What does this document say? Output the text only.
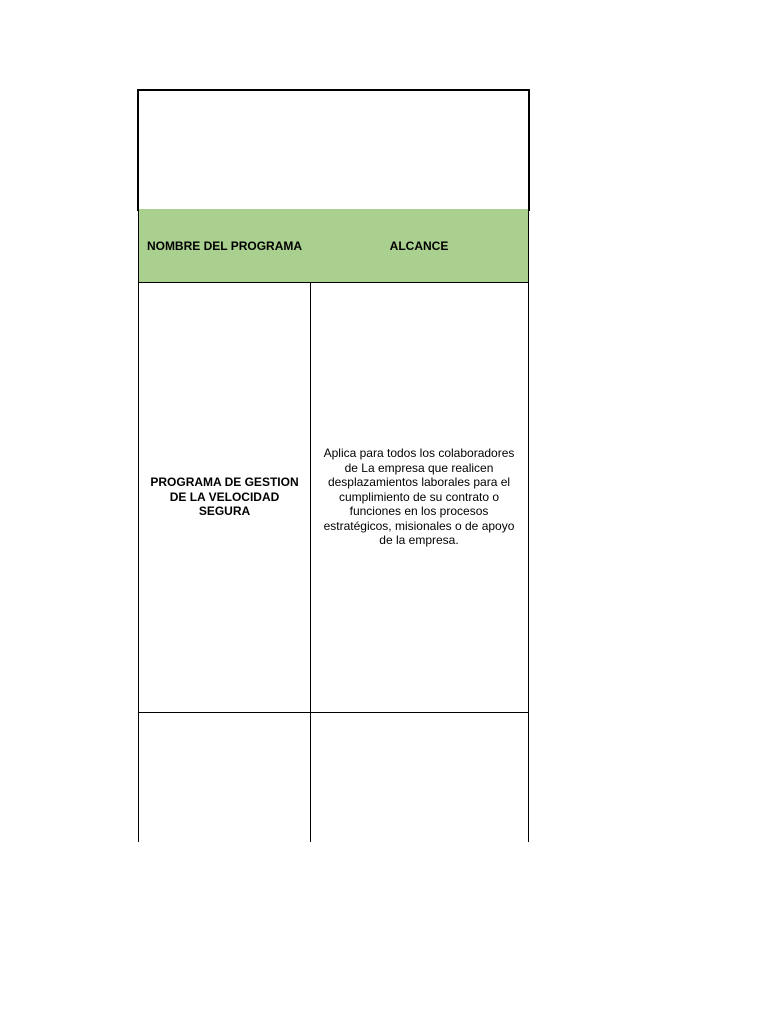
NOMBRE DEL PROGRAMA	ALCANCE
PROGRAMA DE GESTION DE LA VELOCIDAD SEGURA
Aplica para todos los colaboradores de La empresa que realicen desplazamientos laborales para el cumplimiento de su contrato o funciones en los procesos estratégicos, misionales o de apoyo de la empresa.
